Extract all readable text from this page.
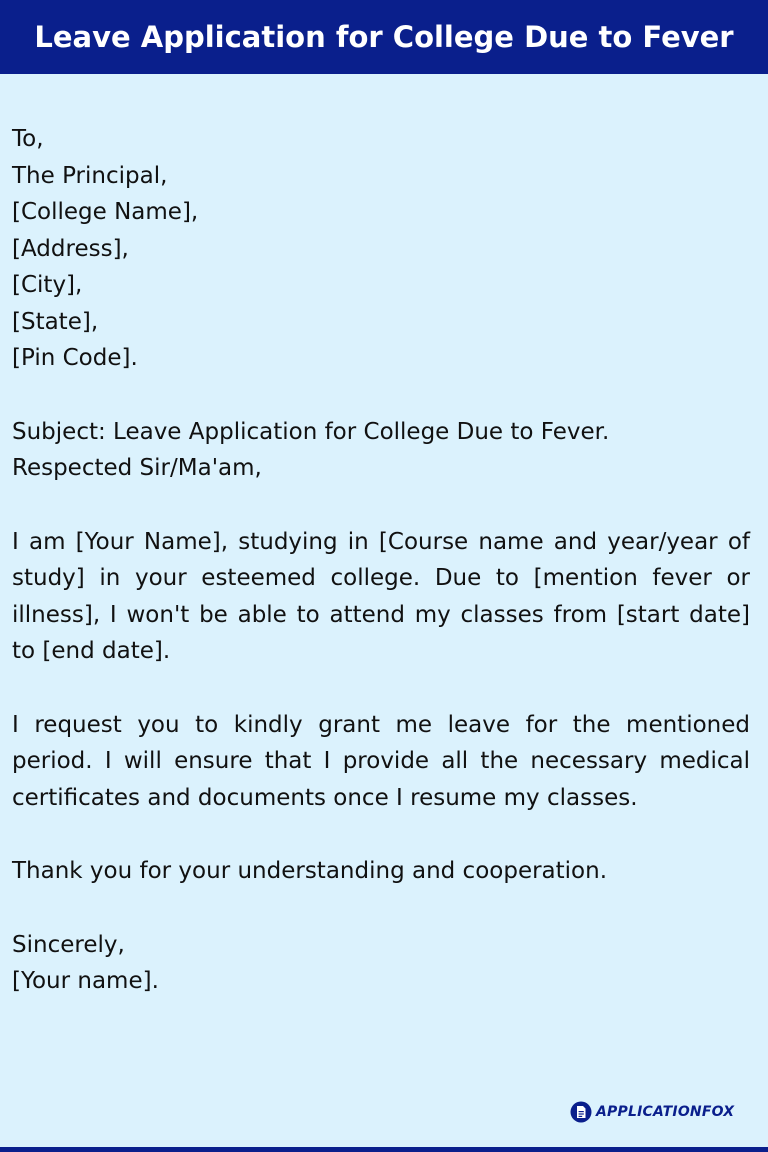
Leave Application for College Due to Fever
To,
The Principal,
[College Name],
[Address],
[City],
[State],
[Pin Code].
Subject: Leave Application for College Due to Fever.
Respected Sir/Ma'am,
I am [Your Name], studying in [Course name and year/year of study] in your esteemed college. Due to [mention fever or illness], I won't be able to attend my classes from [start date] to [end date].
I request you to kindly grant me leave for the mentioned period. I will ensure that I provide all the necessary medical certificates and documents once I resume my classes.
Thank you for your understanding and cooperation.
Sincerely,
[Your name].
APPLICATIONFOX
